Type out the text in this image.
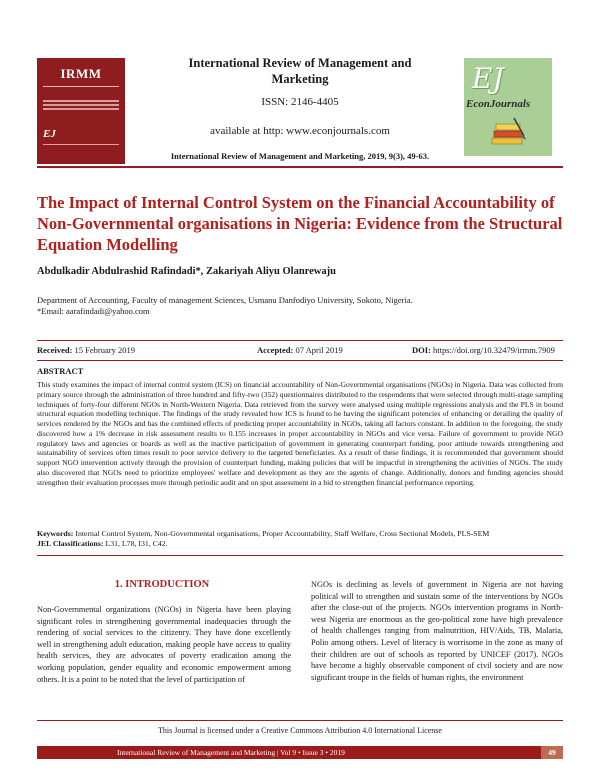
IRMM
EJ
International Review of Management and Marketing
ISSN: 2146-4405
available at http: www.econjournals.com
International Review of Management and Marketing, 2019, 9(3), 49-63.
EJ
EconJournals
The Impact of Internal Control System on the Financial Accountability of Non-Governmental organisations in Nigeria: Evidence from the Structural Equation Modelling
Abdulkadir Abdulrashid Rafindadi*, Zakariyah Aliyu Olanrewaju
Department of Accounting, Faculty of management Sciences, Usmanu Danfodiyo University, Sokoto, Nigeria.
*Email: aarafindadi@yahoo.com
Received: 15 February 2019	Accepted: 07 April 2019	DOI: https://doi.org/10.32479/irmm.7909
ABSTRACT
This study examines the impact of internal control system (ICS) on financial accountability of Non-Governmental organisations (NGOs) in Nigeria. Data was collected from primary source through the administration of three hundred and fifty-two (352) questionnaires distributed to the respondents that were selected through multi-stage sampling techniques of forty-four different NGOs in North-Western Nigeria. Data retrieved from the survey were analysed using multiple regressions analysis and the PLS in bound structural equation modelling technique. The findings of the study revealed how ICS is found to be having the significant potencies of enhancing or derailing the quality of services rendered by the NGOs and has the combined effects of predicting proper accountability in NGOs, taking all factors constant. In addition to the foregoing, the study discovered how a 1% decrease in risk assessment results to 0.155 increases in proper accountability in NGOs and vice versa. Failure of government to provide NGO regulatory laws and agencies or boards as well as the inactive participation of government in generating counterpart funding, poor attitude towards strengthening and sustainability of services often times result to poor service delivery to the targeted beneficiaries. As a result of these findings, it is recommended that government should support NGO intervention actively through the provision of counterpart funding, making policies that will be impactful in strengthening the activities of NGOs. The study also discovered that NGOs need to prioritize employees' welfare and development as they are the agents of change. Additionally, donors and funding agencies should strengthen their evaluation processes more through periodic audit and on spot assessment in a bid to strengthen financial performance reporting.
Keywords: Internal Control System, Non-Governmental organisations, Proper Accountability, Staff Welfare, Cross Sectional Models, PLS-SEM
JEL Classifications: L31, L78, I31, C42.
1. INTRODUCTION
Non-Governmental organizations (NGOs) in Nigeria have been playing significant roles in strengthening governmental inadequacies through the rendering of social services to the citizenry. They have done excellently well in strengthening adult education, making people have access to quality health services, they are advocates of poverty eradication among the working population, gender equality and economic empowerment among others. It is a point to be noted that the level of participation of
NGOs is declining as levels of government in Nigeria are not having political will to strengthen and sustain some of the interventions by NGOs after the close-out of the projects. NGOs intervention programs in North-west Nigeria are enormous as the geo-political zone have high prevalence of health challenges ranging from malnutrition, HIV/Aids, TB, Malaria, Polio among others. Level of literacy is worrisome in the zone as many of their children are out of schools as reported by UNICEF (2017). NGOs have become a highly observable component of civil society and are now significant troupe in the fields of human rights, the environment
This Journal is licensed under a Creative Commons Attribution 4.0 International License
International Review of Management and Marketing | Vol 9 • Issue 3 • 2019	49
